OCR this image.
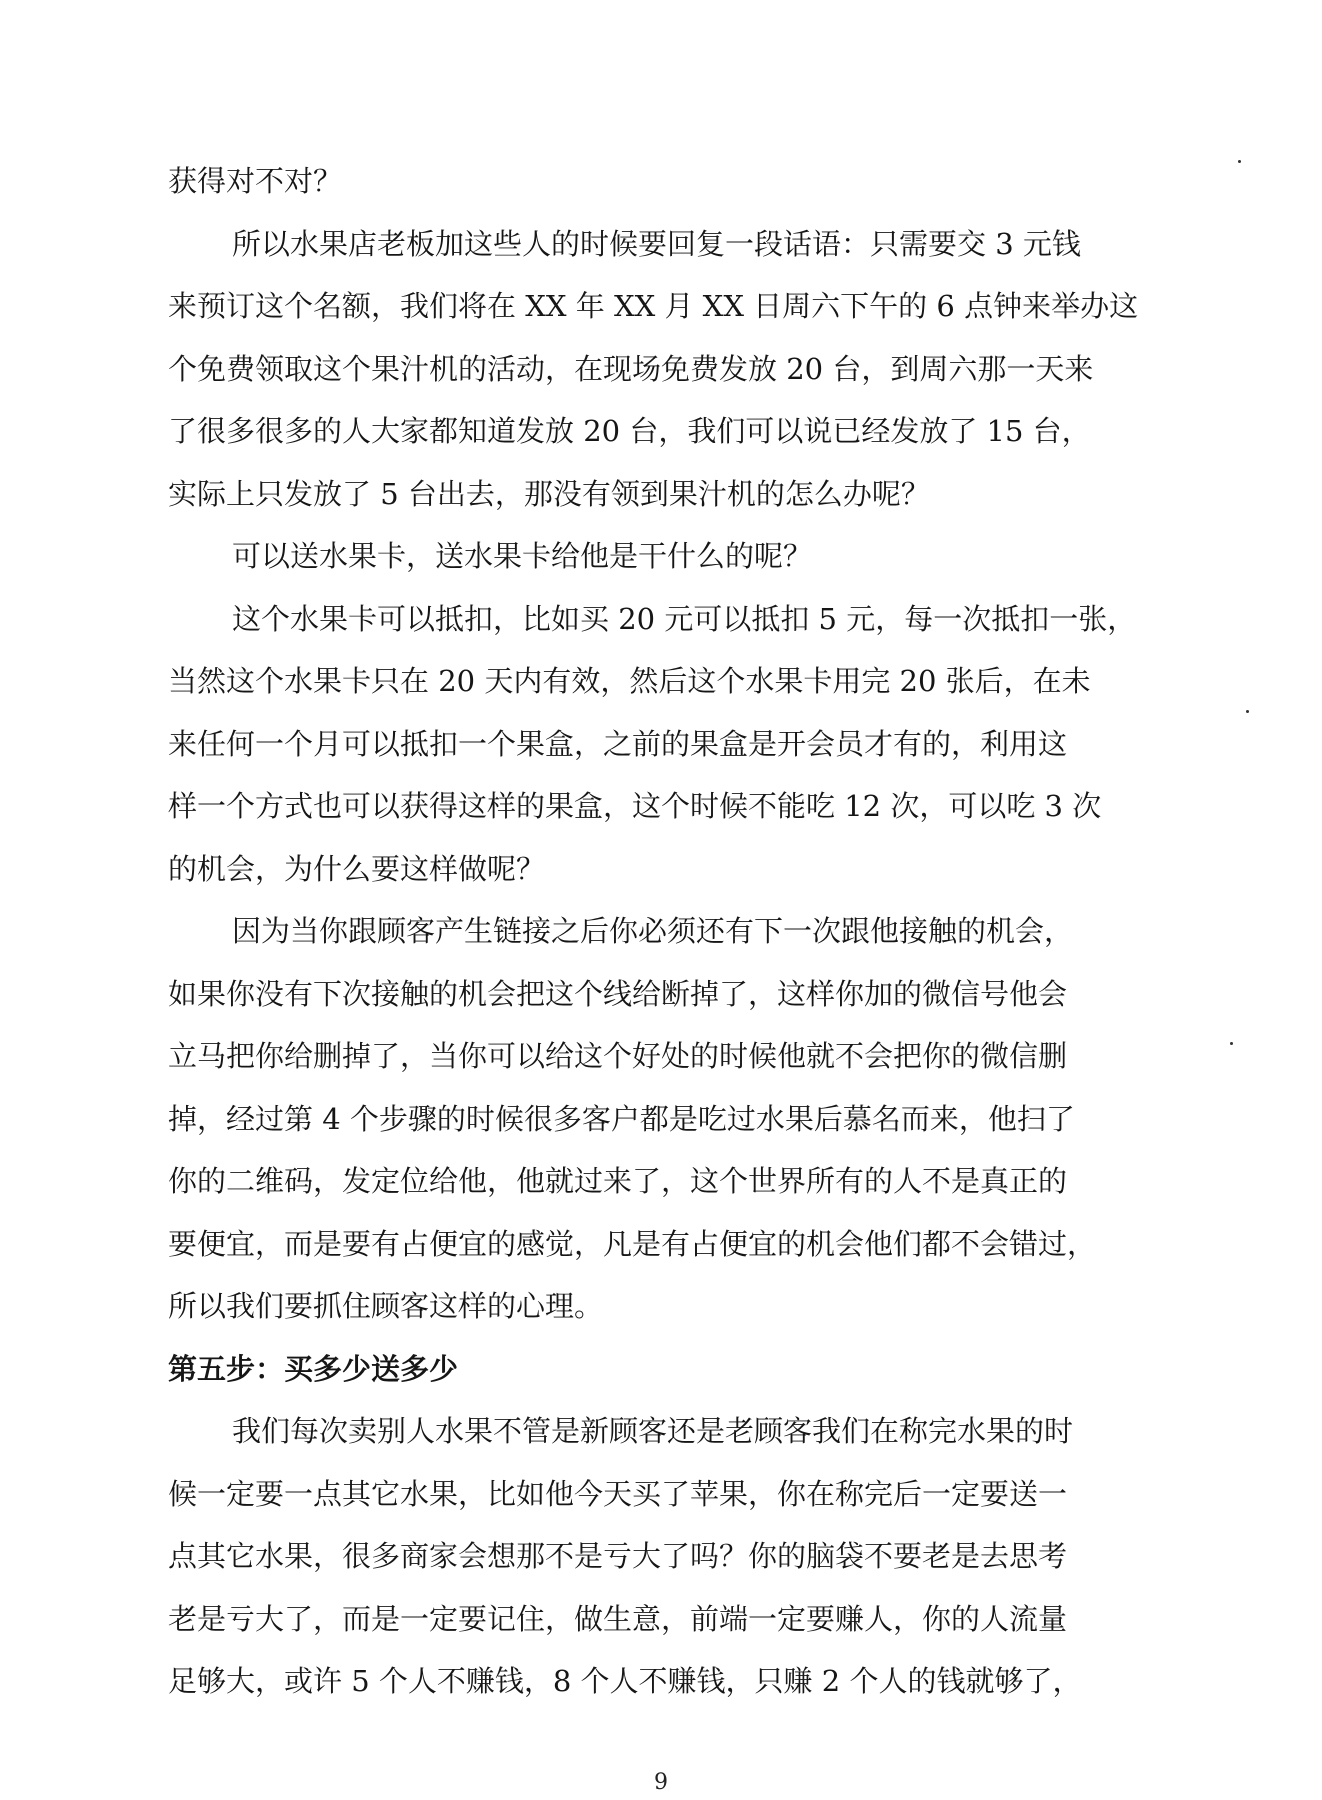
获得对不对？
所以水果店老板加这些人的时候要回复一段话语：只需要交 3 元钱
来预订这个名额，我们将在 XX 年 XX 月 XX 日周六下午的 6 点钟来举办这
个免费领取这个果汁机的活动，在现场免费发放 20 台，到周六那一天来
了很多很多的人大家都知道发放 20 台，我们可以说已经发放了 15 台，
实际上只发放了 5 台出去，那没有领到果汁机的怎么办呢？
可以送水果卡，送水果卡给他是干什么的呢？
这个水果卡可以抵扣，比如买 20 元可以抵扣 5 元，每一次抵扣一张，
当然这个水果卡只在 20 天内有效，然后这个水果卡用完 20 张后，在未
来任何一个月可以抵扣一个果盒，之前的果盒是开会员才有的，利用这
样一个方式也可以获得这样的果盒，这个时候不能吃 12 次，可以吃 3 次
的机会，为什么要这样做呢？
因为当你跟顾客产生链接之后你必须还有下一次跟他接触的机会，
如果你没有下次接触的机会把这个线给断掉了，这样你加的微信号他会
立马把你给删掉了，当你可以给这个好处的时候他就不会把你的微信删
掉，经过第 4 个步骤的时候很多客户都是吃过水果后慕名而来，他扫了
你的二维码，发定位给他，他就过来了，这个世界所有的人不是真正的
要便宜，而是要有占便宜的感觉，凡是有占便宜的机会他们都不会错过，
所以我们要抓住顾客这样的心理。
第五步：买多少送多少
我们每次卖别人水果不管是新顾客还是老顾客我们在称完水果的时
候一定要一点其它水果，比如他今天买了苹果，你在称完后一定要送一
点其它水果，很多商家会想那不是亏大了吗？你的脑袋不要老是去思考
老是亏大了，而是一定要记住，做生意，前端一定要赚人，你的人流量
足够大，或许 5 个人不赚钱，8 个人不赚钱，只赚 2 个人的钱就够了，
9
